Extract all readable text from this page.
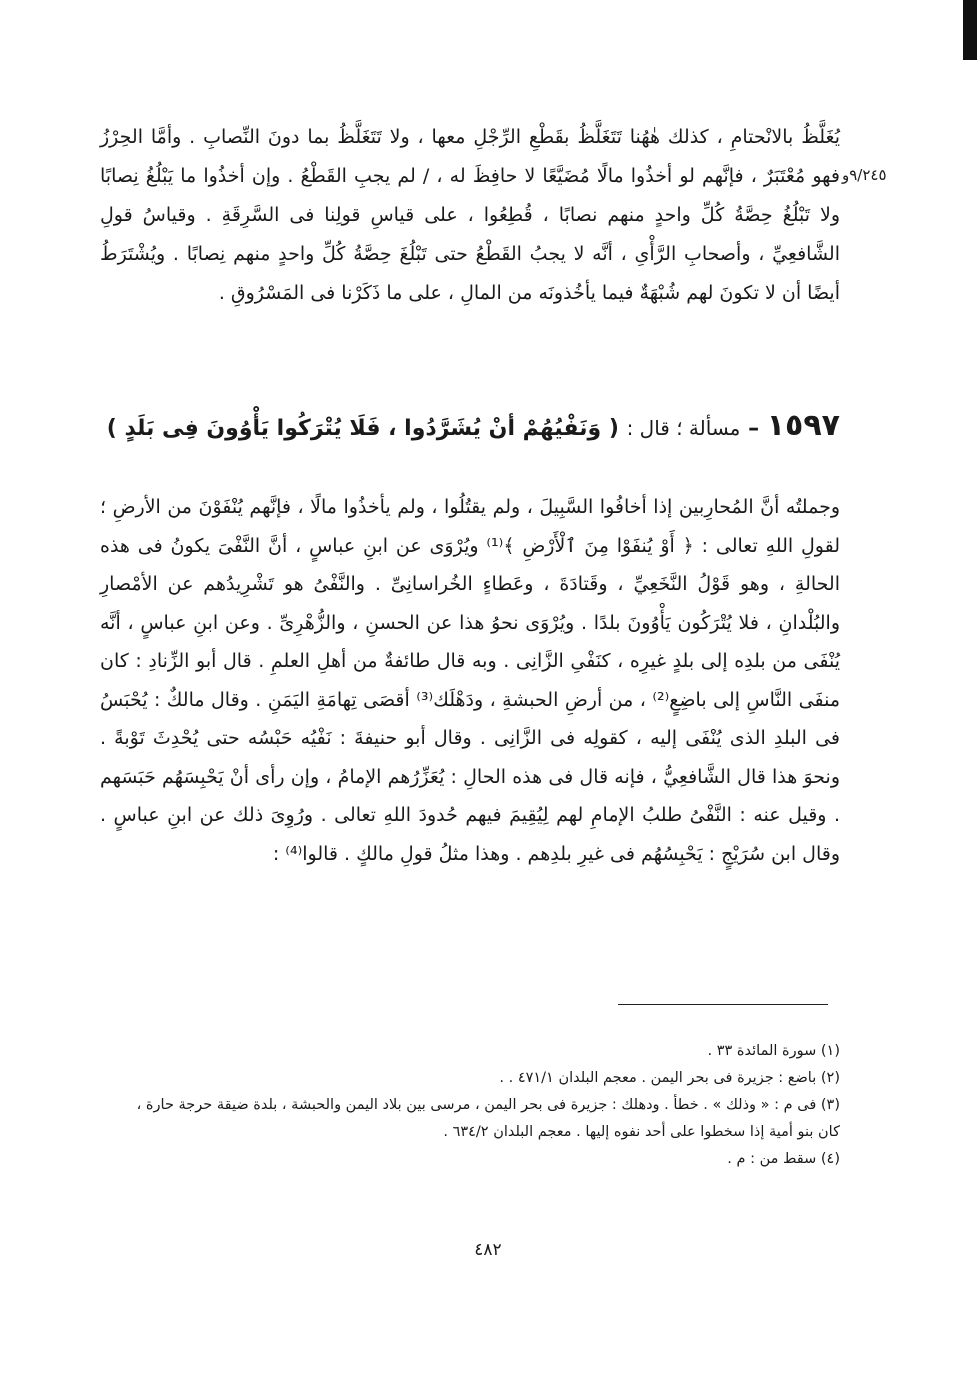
٩/٢٤٥و
يُغَلَّظُ بالانْحتامِ ، كذلك هٰهُنا تَتَغَلَّظُ بقَطْعِ الرِّجْلِ معها ، ولا تَتَغَلَّظُ بما دونَ النِّصابِ . وأمَّا الحِرْزُ فهو مُعْتَبَرٌ ، فإنَّهم لو أخذُوا مالًا مُضَيَّعًا لا حافِظَ له ، / لم يجبِ القَطْعُ . وإن أخذُوا ما يَبْلُغُ نِصابًا ولا تَبْلُغُ حِصَّةُ كُلِّ واحدٍ منهم نصابًا ، قُطِعُوا ، على قياسِ قولِنا فى السَّرِقَةِ . وقياسُ قولِ الشَّافعِيِّ ، وأصحابِ الرَّأْىِ ، أنَّه لا يجبُ القَطْعُ حتى تَبْلُغَ حِصَّةُ كُلِّ واحدٍ منهم نِصابًا . ويُشْتَرَطُ أيضًا أن لا تكونَ لهم شُبْهَةٌ فيما يأخُذونَه من المالِ ، على ما ذَكَرْنا فى المَسْرُوقِ .
١٥٩٧ – مسألة ؛ قال : ( وَنَفْيُهُمْ أنْ يُشَرَّدُوا ، فَلَا يُتْرَكُوا يَأْوُونَ فِى بَلَدٍ )
وجملتُه أنَّ المُحارِبين إذا أخافُوا السَّبِيلَ ، ولم يقتُلُوا ، ولم يأخذُوا مالًا ، فإنَّهم يُنْفَوْنَ من الأرضِ ؛ لقولِ اللهِ تعالى : ﴿ أَوْ يُنفَوْا مِنَ ٱلْأَرْضِ ﴾⁽¹⁾ ويُرْوَى عن ابنِ عباسٍ ، أنَّ النَّفْىَ يكونُ فى هذه الحالةِ ، وهو قَوْلُ النَّخَعِيِّ ، وقَتادَةَ ، وعَطاءٍ الخُراسانِىِّ . والنَّفْىُ هو تَشْرِيدُهم عن الأمْصارِ والبُلْدانِ ، فلا يُتْرَكُون يَأْوُونَ بلدًا . ويُرْوَى نحوُ هذا عن الحسنِ ، والزُّهْرِىِّ . وعن ابنِ عباسٍ ، أنَّه يُنْفَى من بلدِه إلى بلدٍ غيرِه ، كنَفْىِ الزَّانِى . وبه قال طائفةٌ من أهلِ العلمِ . قال أبو الزِّنادِ : كان منفَى النَّاسِ إلى باضِعٍ⁽²⁾ ، من أرضِ الحبشةِ ، ودَهْلَك⁽³⁾ أقصَى تِهامَةِ اليَمَنِ . وقال مالكٌ : يُحْبَسُ فى البلدِ الذى يُنْفَى إليه ، كقولِه فى الزَّانِى . وقال أبو حنيفةَ : نَفْيُه حَبْسُه حتى يُحْدِثَ تَوْبةً . ونحوَ هذا قال الشَّافعِيُّ ، فإنه قال فى هذه الحالِ : يُعَزِّرُهم الإمامُ ، وإن رأى أنْ يَحْبِسَهُم حَبَسَهم . وقيل عنه : النَّفْىُ طلبُ الإمامِ لهم لِيُقِيمَ فيهم حُدودَ اللهِ تعالى . ورُوِىَ ذلك عن ابنِ عباسٍ . وقال ابن سُرَيْجٍ : يَحْبِسُهُم فى غيرِ بلدِهم . وهذا مثلُ قولِ مالكٍ . قالوا⁽⁴⁾ :
(١) سورة المائدة ٣٣ .
(٢) باضع : جزيرة فى بحر اليمن . معجم البلدان ٤٧١/١ . .
(٣) فى م : « وذلك » . خطأ . ودهلك : جزيرة فى بحر اليمن ، مرسى بين بلاد اليمن والحبشة ، بلدة ضيقة حرجة حارة ،
كان بنو أمية إذا سخطوا على أحد نفوه إليها . معجم البلدان ٦٣٤/٢ .
(٤) سقط من : م .
٤٨٢
